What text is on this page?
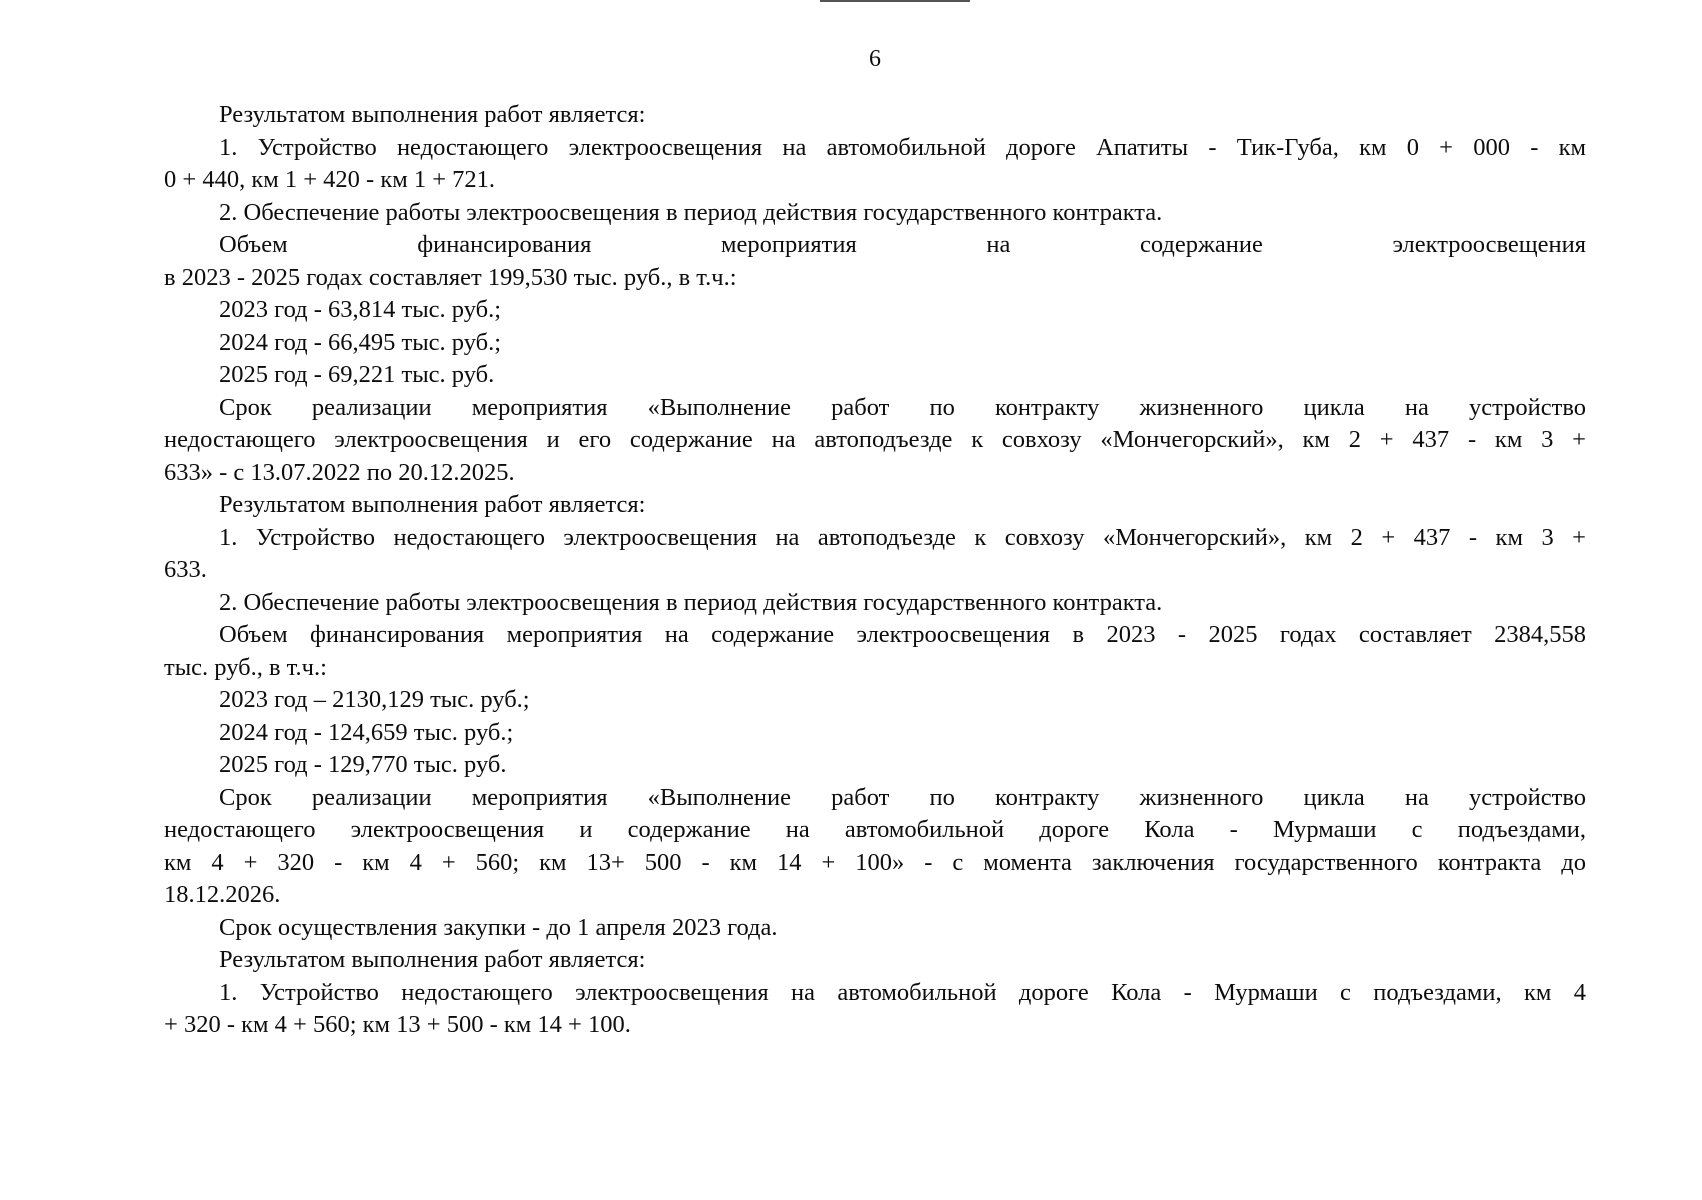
6
Результатом выполнения работ является:
1. Устройство недостающего электроосвещения на автомобильной дороге Апатиты - Тик-Губа, км 0 + 000 - км
0 + 440, км 1 + 420 - км 1 + 721.
2. Обеспечение работы электроосвещения в период действия государственного контракта.
Объем финансирования мероприятия на содержание электроосвещения
в 2023 - 2025 годах составляет 199,530 тыс. руб., в т.ч.:
2023 год - 63,814 тыс. руб.;
2024 год - 66,495 тыс. руб.;
2025 год - 69,221 тыс. руб.
Срок реализации мероприятия «Выполнение работ по контракту жизненного цикла на устройство
недостающего электроосвещения и его содержание на автоподъезде к совхозу «Мончегорский», км 2 + 437 - км 3 +
633» - с 13.07.2022 по 20.12.2025.
Результатом выполнения работ является:
1. Устройство недостающего электроосвещения на автоподъезде к совхозу «Мончегорский», км 2 + 437 - км 3 +
633.
2. Обеспечение работы электроосвещения в период действия государственного контракта.
Объем финансирования мероприятия на содержание электроосвещения в 2023 - 2025 годах составляет 2384,558
тыс. руб., в т.ч.:
2023 год – 2130,129 тыс. руб.;
2024 год - 124,659 тыс. руб.;
2025 год - 129,770 тыс. руб.
Срок реализации мероприятия «Выполнение работ по контракту жизненного цикла на устройство
недостающего электроосвещения и содержание на автомобильной дороге Кола - Мурмаши с подъездами,
км 4 + 320 - км 4 + 560; км 13+ 500 - км 14 + 100» - с момента заключения государственного контракта до
18.12.2026.
Срок осуществления закупки - до 1 апреля 2023 года.
Результатом выполнения работ является:
1. Устройство недостающего электроосвещения на автомобильной дороге Кола - Мурмаши с подъездами, км 4
+ 320 - км 4 + 560; км 13 + 500 - км 14 + 100.
